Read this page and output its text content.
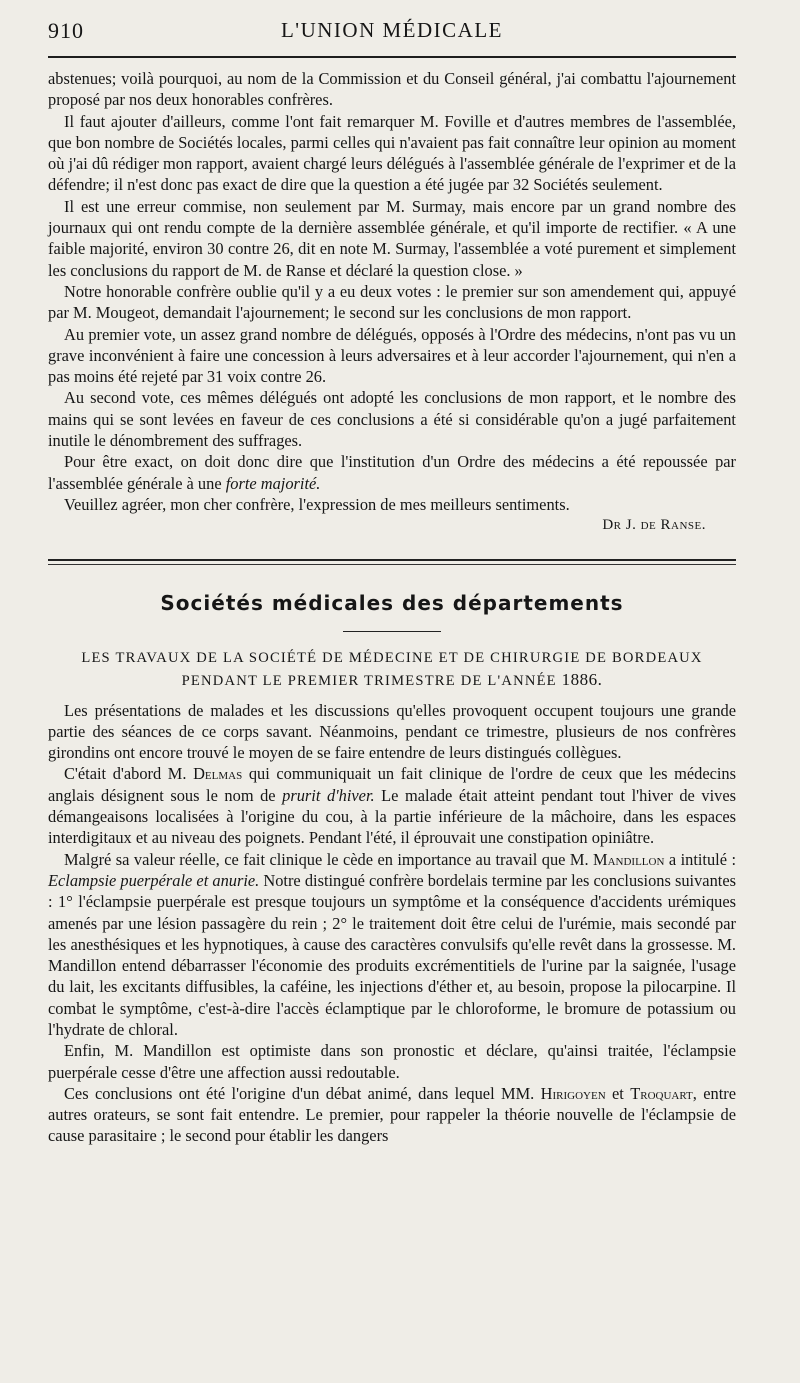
910	L'UNION MÉDICALE

abstenues; voilà pourquoi, au nom de la Commission et du Conseil général, j'ai combattu l'ajournement proposé par nos deux honorables confrères.

Il faut ajouter d'ailleurs, comme l'ont fait remarquer M. Foville et d'autres membres de l'assemblée, que bon nombre de Sociétés locales, parmi celles qui n'avaient pas fait connaître leur opinion au moment où j'ai dû rédiger mon rapport, avaient chargé leurs délégués à l'assemblée générale de l'exprimer et de la défendre; il n'est donc pas exact de dire que la question a été jugée par 32 Sociétés seulement.

Il est une erreur commise, non seulement par M. Surmay, mais encore par un grand nombre des journaux qui ont rendu compte de la dernière assemblée générale, et qu'il importe de rectifier. « A une faible majorité, environ 30 contre 26, dit en note M. Surmay, l'assemblée a voté purement et simplement les conclusions du rapport de M. de Ranse et déclaré la question close. »

Notre honorable confrère oublie qu'il y a eu deux votes : le premier sur son amendement qui, appuyé par M. Mougeot, demandait l'ajournement; le second sur les conclusions de mon rapport.

Au premier vote, un assez grand nombre de délégués, opposés à l'Ordre des médecins, n'ont pas vu un grave inconvénient à faire une concession à leurs adversaires et à leur accorder l'ajournement, qui n'en a pas moins été rejeté par 31 voix contre 26.

Au second vote, ces mêmes délégués ont adopté les conclusions de mon rapport, et le nombre des mains qui se sont levées en faveur de ces conclusions a été si considérable qu'on a jugé parfaitement inutile le dénombrement des suffrages.

Pour être exact, on doit donc dire que l'institution d'un Ordre des médecins a été repoussée par l'assemblée générale à une forte majorité.

Veuillez agréer, mon cher confrère, l'expression de mes meilleurs sentiments.

Dr J. de Ranse.

Sociétés médicales des départements
LES TRAVAUX DE LA SOCIÉTÉ DE MÉDECINE ET DE CHIRURGIE DE BORDEAUX
PENDANT LE PREMIER TRIMESTRE DE L'ANNÉE 1886.

Les présentations de malades et les discussions qu'elles provoquent occupent toujours une grande partie des séances de ce corps savant. Néanmoins, pendant ce trimestre, plusieurs de nos confrères girondins ont encore trouvé le moyen de se faire entendre de leurs distingués collègues.

C'était d'abord M. Delmas qui communiquait un fait clinique de l'ordre de ceux que les médecins anglais désignent sous le nom de prurit d'hiver. Le malade était atteint pendant tout l'hiver de vives démangeaisons localisées à l'origine du cou, à la partie inférieure de la mâchoire, dans les espaces interdigitaux et au niveau des poignets. Pendant l'été, il éprouvait une constipation opiniâtre.

Malgré sa valeur réelle, ce fait clinique le cède en importance au travail que M. Mandillon a intitulé : Eclampsie puerpérale et anurie. Notre distingué confrère bordelais termine par les conclusions suivantes : 1° l'éclampsie puerpérale est presque toujours un symptôme et la conséquence d'accidents urémiques amenés par une lésion passagère du rein ; 2° le traitement doit être celui de l'urémie, mais secondé par les anesthésiques et les hypnotiques, à cause des caractères convulsifs qu'elle revêt dans la grossesse. M. Mandillon entend débarrasser l'économie des produits excrémentitiels de l'urine par la saignée, l'usage du lait, les excitants diffusibles, la caféine, les injections d'éther et, au besoin, propose la pilocarpine. Il combat le symptôme, c'est-à-dire l'accès éclamptique par le chloroforme, le bromure de potassium ou l'hydrate de chloral.

Enfin, M. Mandillon est optimiste dans son pronostic et déclare, qu'ainsi traitée, l'éclampsie puerpérale cesse d'être une affection aussi redoutable.

Ces conclusions ont été l'origine d'un débat animé, dans lequel MM. Hirigoyen et Troquart, entre autres orateurs, se sont fait entendre. Le premier, pour rappeler la théorie nouvelle de l'éclampsie de cause parasitaire ; le second pour établir les dangers
